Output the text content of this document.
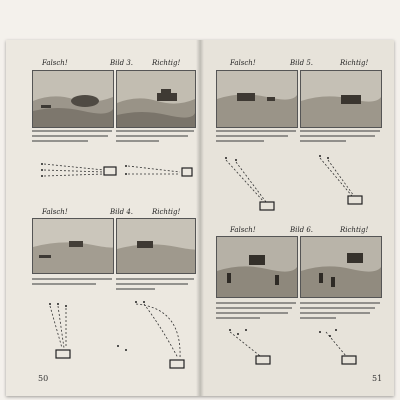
Falsch!	Bild 3.	Richtig!
Falsch!	Bild 4.	Richtig!
50
Falsch!	Bild 5.	Richtig!
Falsch!	Bild 6.	Richtig!
51
